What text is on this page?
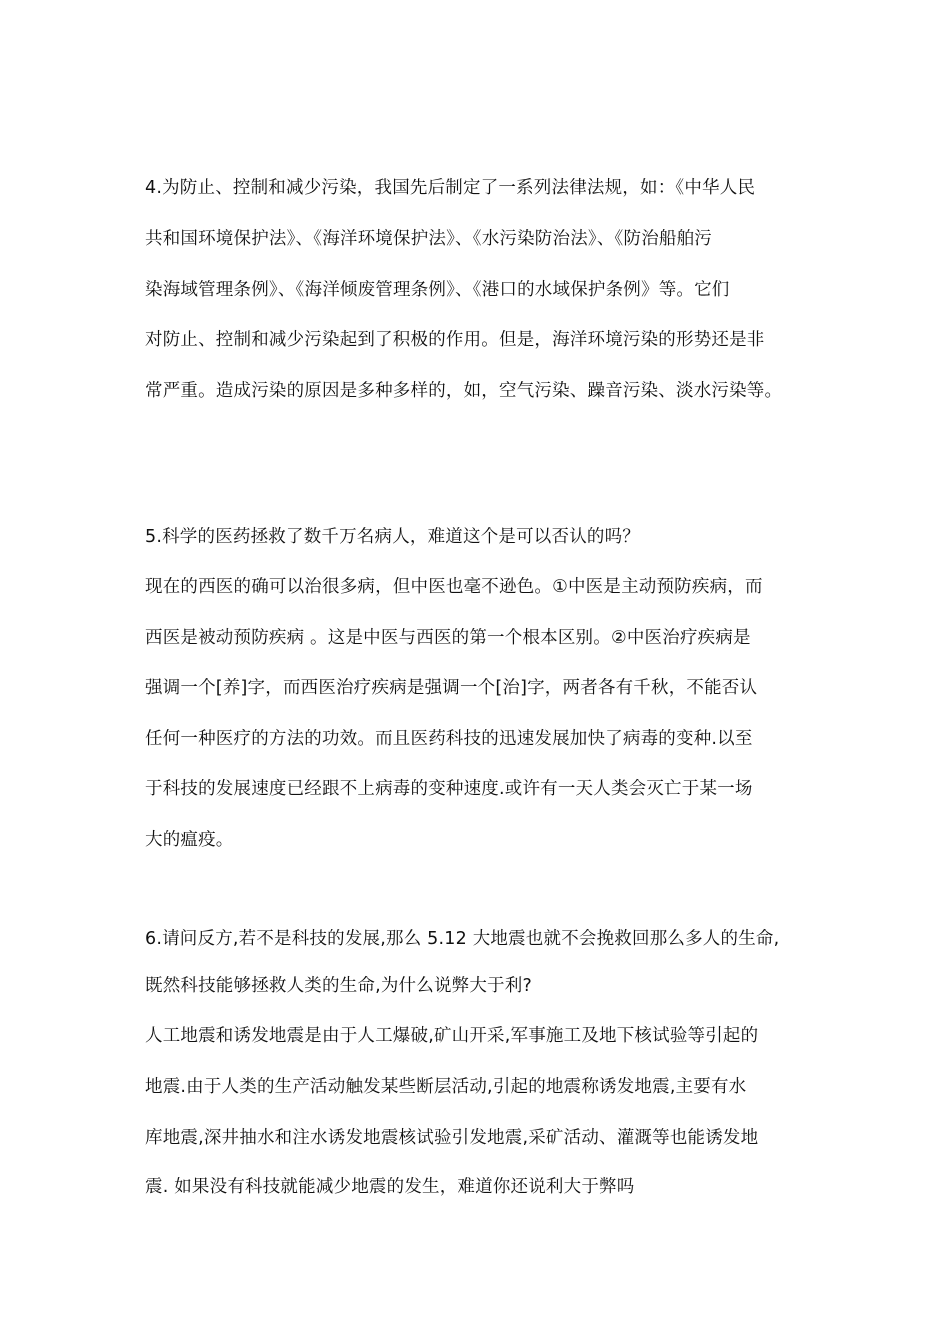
4.为防止、控制和减少污染，我国先后制定了一系列法律法规，如：《中华人民
共和国环境保护法》、《海洋环境保护法》、《水污染防治法》、《防治船舶污
染海域管理条例》、《海洋倾废管理条例》、《港口的水域保护条例》等。它们
对防止、控制和减少污染起到了积极的作用。但是，海洋环境污染的形势还是非
常严重。造成污染的原因是多种多样的，如，空气污染、躁音污染、淡水污染等。
5.科学的医药拯救了数千万名病人，难道这个是可以否认的吗？
现在的西医的确可以治很多病，但中医也毫不逊色。①中医是主动预防疾病，而
西医是被动预防疾病 。这是中医与西医的第一个根本区别。②中医治疗疾病是
强调一个[养]字，而西医治疗疾病是强调一个[治]字，两者各有千秋，不能否认
任何一种医疗的方法的功效。而且医药科技的迅速发展加快了病毒的变种.以至
于科技的发展速度已经跟不上病毒的变种速度.或许有一天人类会灭亡于某一场
大的瘟疫。
6.请问反方,若不是科技的发展,那么 5.12 大地震也就不会挽救回那么多人的生命,
既然科技能够拯救人类的生命,为什么说弊大于利?
人工地震和诱发地震是由于人工爆破,矿山开采,军事施工及地下核试验等引起的
地震.由于人类的生产活动触发某些断层活动,引起的地震称诱发地震,主要有水
库地震,深井抽水和注水诱发地震核试验引发地震,采矿活动、灌溉等也能诱发地
震. 如果没有科技就能减少地震的发生，难道你还说利大于弊吗
